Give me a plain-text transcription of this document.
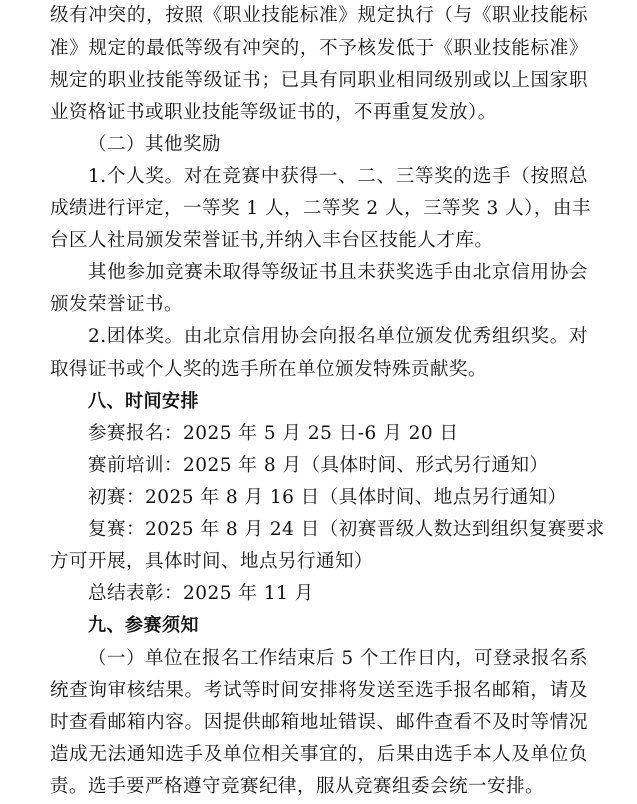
级有冲突的，按照《职业技能标准》规定执行（与《职业技能标
准》规定的最低等级有冲突的，不予核发低于《职业技能标准》
规定的职业技能等级证书；已具有同职业相同级别或以上国家职
业资格证书或职业技能等级证书的，不再重复发放）。
（二）其他奖励
1.个人奖。对在竞赛中获得一、二、三等奖的选手（按照总
成绩进行评定，一等奖 1 人，二等奖 2 人，三等奖 3 人），由丰
台区人社局颁发荣誉证书,并纳入丰台区技能人才库。
其他参加竞赛未取得等级证书且未获奖选手由北京信用协会
颁发荣誉证书。
2.团体奖。由北京信用协会向报名单位颁发优秀组织奖。对
取得证书或个人奖的选手所在单位颁发特殊贡献奖。
八、时间安排
参赛报名：2025 年 5 月 25 日-6 月 20 日
赛前培训：2025 年 8 月（具体时间、形式另行通知）
初赛：2025 年 8 月 16 日（具体时间、地点另行通知）
复赛：2025 年 8 月 24 日（初赛晋级人数达到组织复赛要求
方可开展，具体时间、地点另行通知）
总结表彰：2025 年 11 月
九、参赛须知
（一）单位在报名工作结束后 5 个工作日内，可登录报名系
统查询审核结果。考试等时间安排将发送至选手报名邮箱，请及
时查看邮箱内容。因提供邮箱地址错误、邮件查看不及时等情况
造成无法通知选手及单位相关事宜的，后果由选手本人及单位负
责。选手要严格遵守竞赛纪律，服从竞赛组委会统一安排。
